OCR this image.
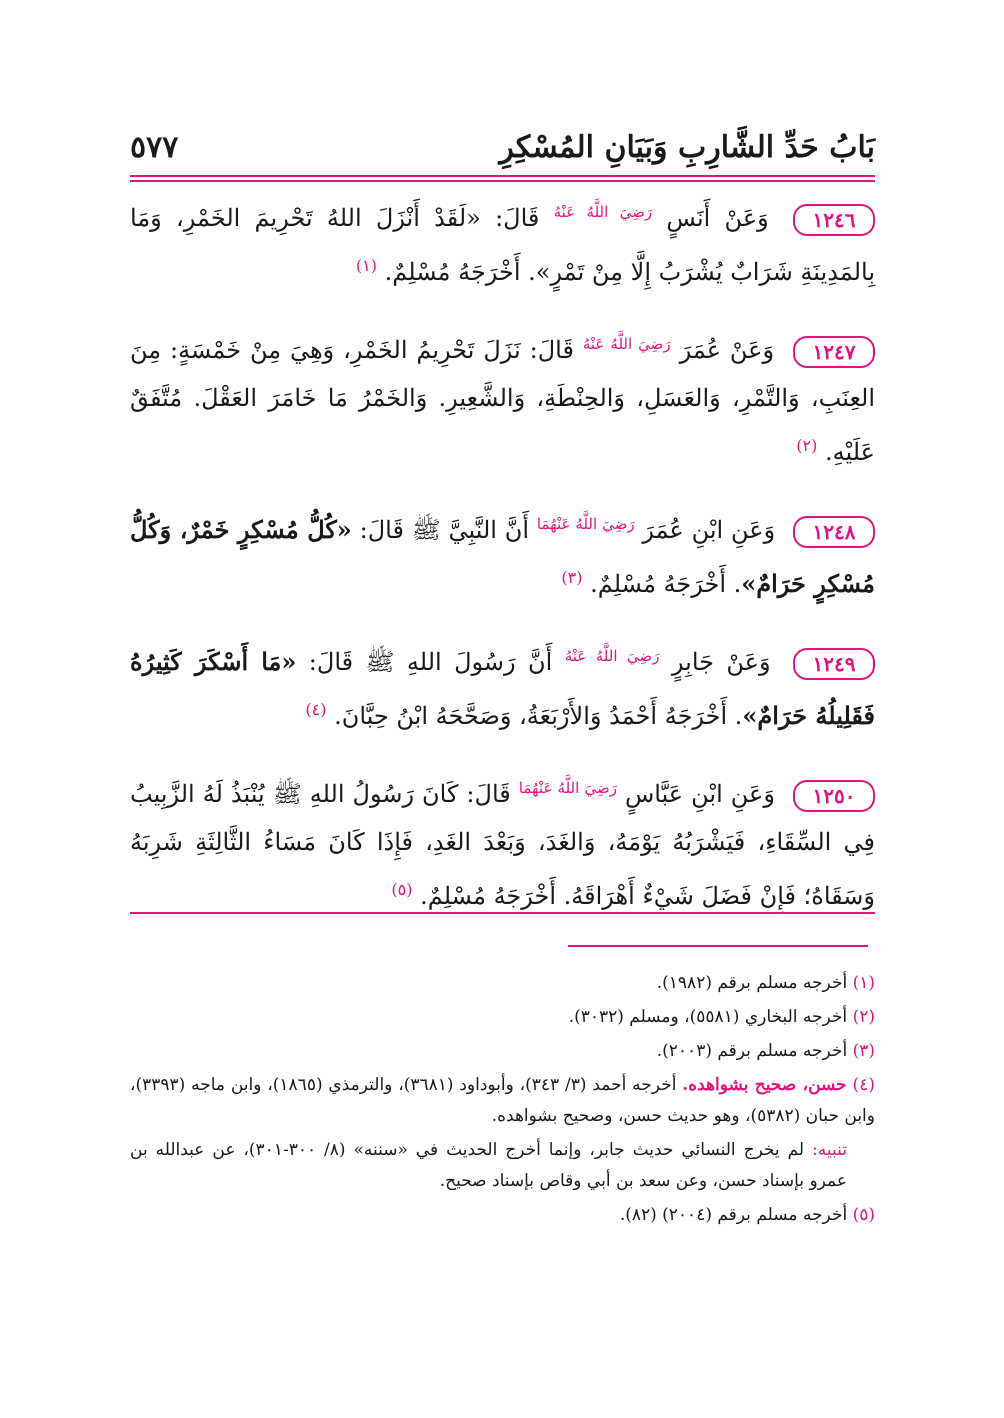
بَابُ حَدِّ الشَّارِبِ وَبَيَانِ المُسْكِرِ
٥٧٧

١٢٤٦ وَعَنْ أَنَسٍ $^{رَضِيَ اللَّهُ عَنْهُ}$ قَالَ: «لَقَدْ أَنْزَلَ اللهُ تَحْرِيمَ الخَمْرِ، وَمَا بِالمَدِينَةِ شَرَابٌ يُشْرَبُ إِلَّا مِنْ تَمْرٍ». أَخْرَجَهُ مُسْلِمٌ. $^{(١)}$

١٢٤٧ وَعَنْ عُمَرَ $^{رَضِيَ اللَّهُ عَنْهُ}$ قَالَ: نَزَلَ تَحْرِيمُ الخَمْرِ، وَهِيَ مِنْ خَمْسَةٍ: مِنَ العِنَبِ، وَالتَّمْرِ، وَالعَسَلِ، وَالحِنْطَةِ، وَالشَّعِيرِ. وَالخَمْرُ مَا خَامَرَ العَقْلَ. مُتَّفَقٌ عَلَيْهِ. $^{(٢)}$

١٢٤٨ وَعَنِ ابْنِ عُمَرَ $^{رَضِيَ اللَّهُ عَنْهُمَا}$ أَنَّ النَّبِيَّ ﷺ قَالَ: «كُلُّ مُسْكِرٍ خَمْرٌ، وَكُلُّ مُسْكِرٍ حَرَامٌ». أَخْرَجَهُ مُسْلِمٌ. $^{(٣)}$

١٢٤٩ وَعَنْ جَابِرٍ $^{رَضِيَ اللَّهُ عَنْهُ}$ أَنَّ رَسُولَ اللهِ ﷺ قَالَ: «مَا أَسْكَرَ كَثِيرُهُ فَقَلِيلُهُ حَرَامٌ». أَخْرَجَهُ أَحْمَدُ وَالأَرْبَعَةُ، وَصَحَّحَهُ ابْنُ حِبَّانَ. $^{(٤)}$

١٢٥٠ وَعَنِ ابْنِ عَبَّاسٍ $^{رَضِيَ اللَّهُ عَنْهُمَا}$ قَالَ: كَانَ رَسُولُ اللهِ ﷺ يُنْبَذُ لَهُ الزَّبِيبُ فِي السِّقَاءِ، فَيَشْرَبُهُ يَوْمَهُ، وَالغَدَ، وَبَعْدَ الغَدِ، فَإِذَا كَانَ مَسَاءُ الثَّالِثَةِ شَرِبَهُ وَسَقَاهُ؛ فَإِنْ فَضَلَ شَيْءٌ أَهْرَاقَهُ. أَخْرَجَهُ مُسْلِمٌ. $^{(٥)}$

(١) أخرجه مسلم برقم (١٩٨٢).

(٢) أخرجه البخاري (٥٥٨١)، ومسلم (٣٠٣٢).

(٣) أخرجه مسلم برقم (٢٠٠٣).

(٤) حسن، صحيح بشواهده. أخرجه أحمد (٣/ ٣٤٣)، وأبوداود (٣٦٨١)، والترمذي (١٨٦٥)، وابن ماجه (٣٣٩٣)، وابن حبان (٥٣٨٢)، وهو حديث حسن، وصحيح بشواهده.

تنبيه: لم يخرج النسائي حديث جابر، وإنما أخرج الحديث في «سننه» (٨/ ٣٠٠-٣٠١)، عن عبدالله بن عمرو بإسناد حسن، وعن سعد بن أبي وقاص بإسناد صحيح.

(٥) أخرجه مسلم برقم (٢٠٠٤) (٨٢).
